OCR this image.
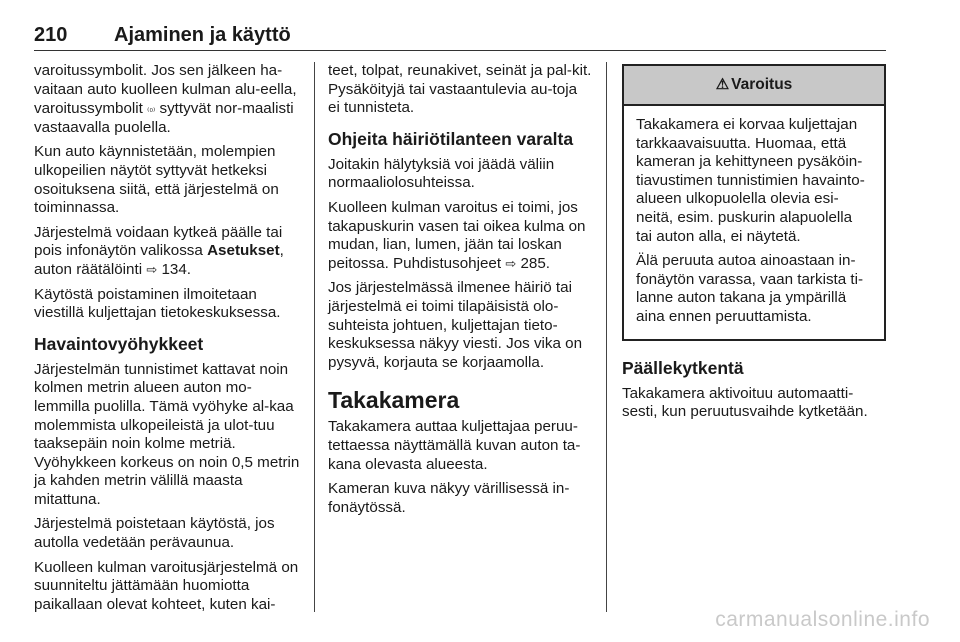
210 Ajaminen ja käyttö

varoitussymbolit. Jos sen jälkeen ha-vaitaan auto kuolleen kulman alu-eella, varoitussymbolit ₍₀₎ syttyvät nor-maalisti vastaavalla puolella.

Kun auto käynnistetään, molempien ulkopeilien näytöt syttyvät hetkeksi osoituksena siitä, että järjestelmä on toiminnassa.

Järjestelmä voidaan kytkeä päälle tai pois infonäytön valikossa Asetukset, auton räätälöinti ⇨ 134.

Käytöstä poistaminen ilmoitetaan viestillä kuljettajan tietokeskuksessa.

Havaintovyöhykkeet

Järjestelmän tunnistimet kattavat noin kolmen metrin alueen auton mo-lemmilla puolilla. Tämä vyöhyke al-kaa molemmista ulkopeileistä ja ulot-tuu taaksepäin noin kolme metriä. Vyöhykkeen korkeus on noin 0,5 metrin ja kahden metrin välillä maasta mitattuna.

Järjestelmä poistetaan käytöstä, jos autolla vedetään perävaunua.

Kuolleen kulman varoitusjärjestelmä on suunniteltu jättämään huomiotta paikallaan olevat kohteet, kuten kai-

teet, tolpat, reunakivet, seinät ja pal-kit. Pysäköityjä tai vastaantulevia au-toja ei tunnisteta.

Ohjeita häiriötilanteen varalta

Joitakin hälytyksiä voi jäädä väliin normaaliolosuhteissa.

Kuolleen kulman varoitus ei toimi, jos takapuskurin vasen tai oikea kulma on mudan, lian, lumen, jään tai loskan peitossa. Puhdistusohjeet ⇨ 285.

Jos järjestelmässä ilmenee häiriö tai järjestelmä ei toimi tilapäisistä olo-suhteista johtuen, kuljettajan tieto-keskuksessa näkyy viesti. Jos vika on pysyvä, korjauta se korjaamolla.

Takakamera

Takakamera auttaa kuljettajaa peruu-tettaessa näyttämällä kuvan auton ta-kana olevasta alueesta.

Kameran kuva näkyy värillisessä in-fonäytössä.

⚠ Varoitus

Takakamera ei korvaa kuljettajan tarkkaavaisuutta. Huomaa, että kameran ja kehittyneen pysäköin-tiavustimen tunnistimien havainto-alueen ulkopuolella olevia esi-neitä, esim. puskurin alapuolella tai auton alla, ei näytetä.

Älä peruuta autoa ainoastaan in-fonäytön varassa, vaan tarkista ti-lanne auton takana ja ympärillä aina ennen peruuttamista.

Päällekytkentä

Takakamera aktivoituu automaatti-sesti, kun peruutusvaihde kytketään.

carmanualsonline.info
